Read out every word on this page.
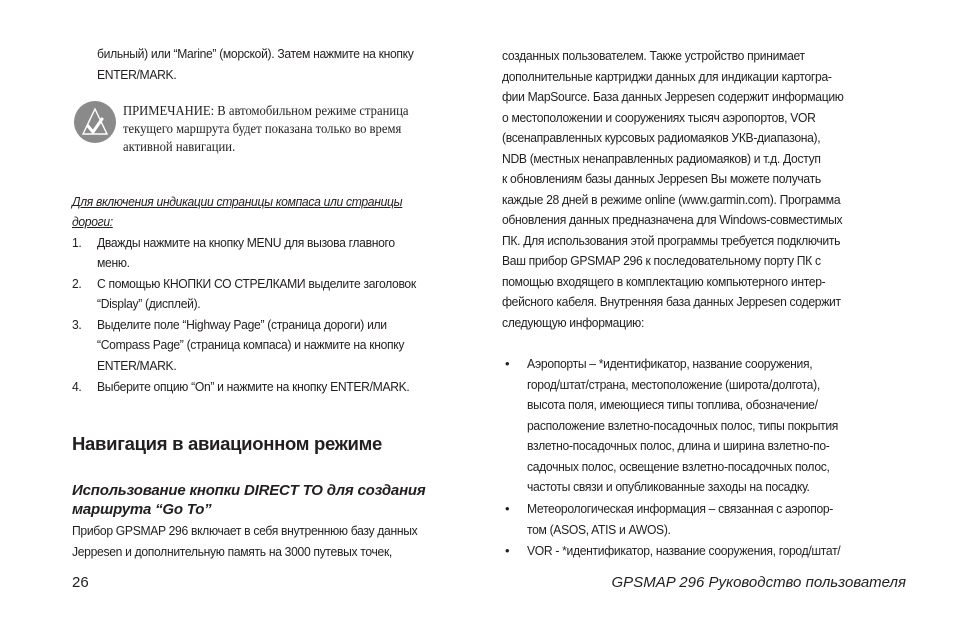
бильный) или “Marine” (морской). Затем нажмите на кнопку
ENTER/MARK.
ПРИМЕЧАНИЕ: В автомобильном режиме страница
текущего маршрута будет показана только во время
активной навигации.
Для включения индикации страницы компаса или страницы
дороги:
1. Дважды нажмите на кнопку MENU для вызова главного
меню.
2. С помощью КНОПКИ СО СТРЕЛКАМИ выделите заголовок
“Display” (дисплей).
3. Выделите поле “Highway Page” (страница дороги) или
“Compass Page” (страница компаса) и нажмите на кнопку
ENTER/MARK.
4. Выберите опцию “On” и нажмите на кнопку ENTER/MARK.
Навигация в авиационном режиме
Использование кнопки DIRECT TO для создания
маршрута “Go To”
Прибор GPSMAP 296 включает в себя внутреннюю базу данных
Jeppesen и дополнительную память на 3000 путевых точек,
созданных пользователем. Также устройство принимает
дополнительные картриджи данных для индикации картогра-
фии MapSource. База данных Jeppesen содержит информацию
о местоположении и сооружениях тысяч аэропортов, VOR
(всенаправленных курсовых радиомаяков УКВ-диапазона),
NDB (местных ненаправленных радиомаяков) и т.д. Доступ
к обновлениям базы данных Jeppesen Вы можете получать
каждые 28 дней в режиме online (www.garmin.com). Программа
обновления данных предназначена для Windows-совместимых
ПК. Для использования этой программы требуется подключить
Ваш прибор GPSMAP 296 к последовательному порту ПК с
помощью входящего в комплектацию компьютерного интер-
фейсного кабеля. Внутренняя база данных Jeppesen содержит
следующую информацию:
• Аэропорты – *идентификатор, название сооружения,
город/штат/страна, местоположение (широта/долгота),
высота поля, имеющиеся типы топлива, обозначение/
расположение взлетно-посадочных полос, типы покрытия
взлетно-посадочных полос, длина и ширина взлетно-по-
садочных полос, освещение взлетно-посадочных полос,
частоты связи и опубликованные заходы на посадку.
• Метеорологическая информация – связанная с аэропор-
том (ASOS, ATIS и AWOS).
• VOR - *идентификатор, название сооружения, город/штат/
26	GPSMAP 296 Руководство пользователя
